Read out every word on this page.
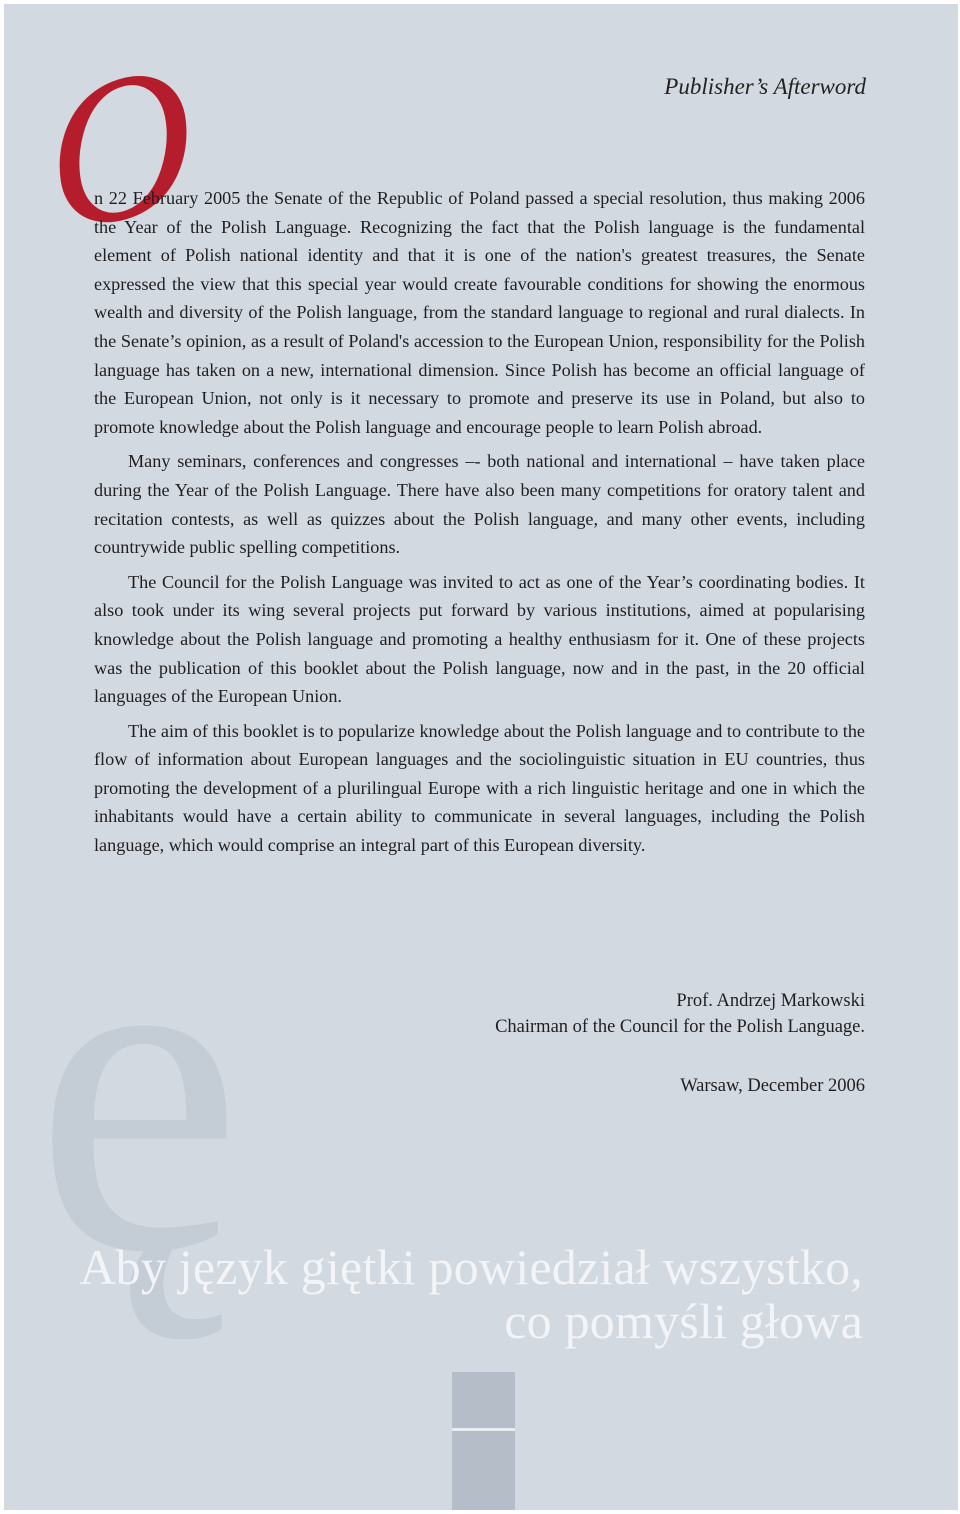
Publisher’s Afterword
O
ę

n 22 February 2005 the Senate of the Republic of Poland passed a special resolution, thus making 2006 the Year of the Polish Language. Recognizing the fact that the Polish language is the fundamental element of Polish national identity and that it is one of the nation's greatest treasures, the Senate expressed the view that this special year would create favourable conditions for showing the enormous wealth and diversity of the Polish language, from the standard language to regional and rural dialects. In the Senate’s opinion, as a result of Poland's accession to the European Union, responsibility for the Polish language has taken on a new, international dimension. Since Polish has become an official language of the European Union, not only is it necessary to promote and preserve its use in Poland, but also to promote knowledge about the Polish language and encourage people to learn Polish abroad.

Many seminars, conferences and congresses –- both national and international – have taken place during the Year of the Polish Language. There have also been many competitions for oratory talent and recitation contests, as well as quizzes about the Polish language, and many other events, including countrywide public spelling competitions.

The Council for the Polish Language was invited to act as one of the Year’s coordinating bodies. It also took under its wing several projects put forward by various institutions, aimed at popularising knowledge about the Polish language and promoting a healthy enthusiasm for it. One of these projects was the publication of this booklet about the Polish language, now and in the past, in the 20 official languages of the European Union.

The aim of this booklet is to popularize knowledge about the Polish language and to contribute to the flow of information about European languages and the sociolinguistic situation in EU countries, thus promoting the development of a plurilingual Europe with a rich linguistic heritage and one in which the inhabitants would have a certain ability to communicate in several languages, including the Polish language, which would comprise an integral part of this European diversity.

Prof. Andrzej Markowski
Chairman of the Council for the Polish Language.
Warsaw, December 2006
Aby język giętki powiedział wszystko,
co pomyśli głowa
